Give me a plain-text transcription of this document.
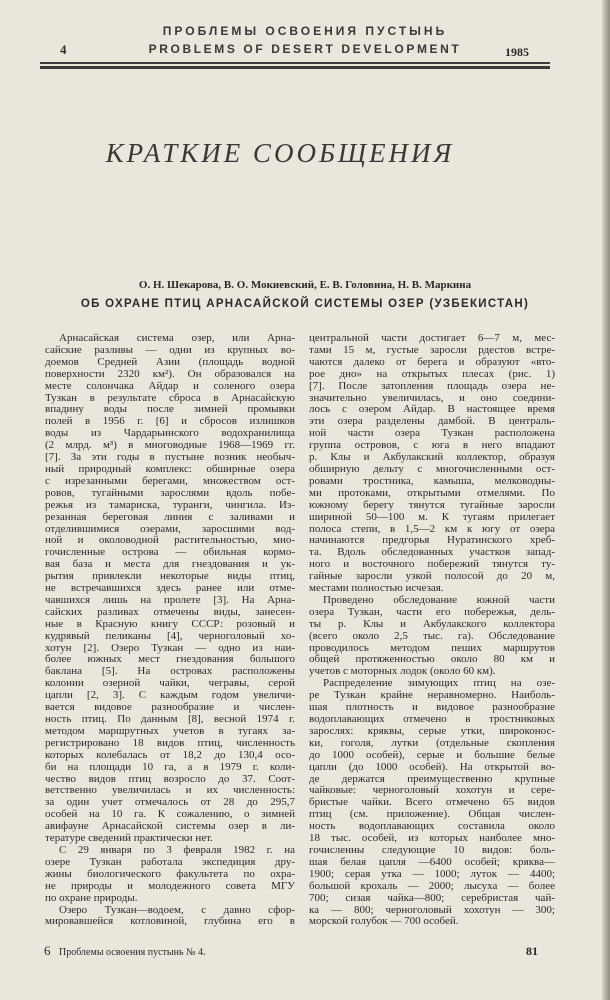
ПРОБЛЕМЫ ОСВОЕНИЯ ПУСТЫНЬ
PROBLEMS OF DESERT DEVELOPMENT
4	1985
КРАТКИЕ СООБЩЕНИЯ
О. Н. Шекарова, В. О. Мокиевский, Е. В. Головина, Н. В. Маркина
ОБ ОХРАНЕ ПТИЦ АРНАСАЙСКОЙ СИСТЕМЫ ОЗЕР (УЗБЕКИСТАН)
Арнасайская система озер, или Арна-
сайские разливы — одни из крупных во-
доемов Средней Азии (площадь водной
поверхности 2320 км²). Он образовался на
месте солончака Айдар и соленого озера
Тузкан в результате сброса в Арнасайскую
впадину воды после зимней промывки
полей в 1956 г. [6] и сбросов излишков
воды из Чардарьинского водохранилища
(2 млрд. м³) в многоводные 1968—1969 гг.
[7]. За эти годы в пустыне возник необыч-
ный природный комплекс: обширные озера
с изрезанными берегами, множеством ост-
ровов, тугайными зарослями вдоль побе-
режья из тамариска, туранги, чингила. Из-
резанная береговая линия с заливами и
отделившимися озерами, заросшими вод-
ной и околоводной растительностью, мно-
гочисленные острова — обильная кормо-
вая база и места для гнездования и ук-
рытия привлекли некоторые виды птиц,
не встречавшихся здесь ранее или отме-
чавшихся лишь на пролете [3]. На Арна-
сайских разливах отмечены виды, занесен-
ные в Красную книгу СССР: розовый и
кудрявый пеликаны [4], черноголовый хо-
хотун [2]. Озеро Тузкан — одно из наи-
более южных мест гнездования большого
баклана [5]. На островах расположены
колонии озерной чайки, чегравы, серой
цапли [2, 3]. С каждым годом увеличи-
вается видовое разнообразие и числен-
ность птиц. По данным [8], весной 1974 г.
методом маршрутных учетов в тугаях за-
регистрировано 18 видов птиц, численность
которых колебалась от 18,2 до 130,4 осо-
би на площади 10 га, а в 1979 г. коли-
чество видов птиц возросло до 37. Соот-
ветственно увеличилась и их численность:
за один учет отмечалось от 28 до 295,7
особей на 10 га. К сожалению, о зимней
авифауне Арнасайской системы озер в ли-
тературе сведений практически нет.
С 29 января по 3 февраля 1982 г. на
озере Тузкан работала экспедиция дру-
жины биологического факультета по охра-
не природы и молодежного совета МГУ
по охране природы.
Озеро Тузкан—водоем, с давно сфор-
мировавшейся котловиной, глубина его в
центральной части достигает 6—7 м, мес-
тами 15 м, густые заросли рдестов встре-
чаются далеко от берега и образуют «вто-
рое дно» на открытых плесах (рис. 1)
[7]. После затопления площадь озера не-
значительно увеличилась, и оно соедини-
лось с озером Айдар. В настоящее время
эти озера разделены дамбой. В централь-
ной части озера Тузкан расположена
группа островов, с юга в него впадают
р. Клы и Акбулакский коллектор, образуя
обширную дельту с многочисленными ост-
ровами тростника, камыша, мелководны-
ми протоками, открытыми отмелями. По
южному берегу тянутся тугайные заросли
шириной 50—100 м. К тугаям прилегает
полоса степи, в 1,5—2 км к югу от озера
начинаются предгорья Нуратинского хреб-
та. Вдоль обследованных участков запад-
ного и восточного побережий тянутся ту-
гайные заросли узкой полосой до 20 м,
местами полностью исчезая.
Проведено обследование южной части
озера Тузкан, части его побережья, дель-
ты р. Клы и Акбулакского коллектора
(всего около 2,5 тыс. га). Обследование
проводилось методом пеших маршрутов
общей протяженностью около 80 км и
учетов с моторных лодок (около 60 км).
Распределение зимующих птиц на озе-
ре Тузкан крайне неравномерно. Наиболь-
шая плотность и видовое разнообразие
водоплавающих отмечено в тростниковых
зарослях: кряквы, серые утки, широконос-
ки, гоголя, лутки (отдельные скопления
до 1000 особей), серые и большие белые
цапли (до 1000 особей). На открытой во-
де держатся преимущественно крупные
чайковые: черноголовый хохотун и сере-
бристые чайки. Всего отмечено 65 видов
птиц (см. приложение). Общая числен-
ность водоплавающих составила около
18 тыс. особей, из которых наиболее мно-
гочисленны следующие 10 видов: боль-
шая белая цапля —6400 особей; кряква—
1900; серая утка — 1000; луток — 4400;
большой крохаль — 2000; лысуха — более
700; сизая чайка—800; серебристая чай-
ка — 800; черноголовый хохотун — 300;
морской голубок — 700 особей.
6 Проблемы освоения пустынь № 4.	81
